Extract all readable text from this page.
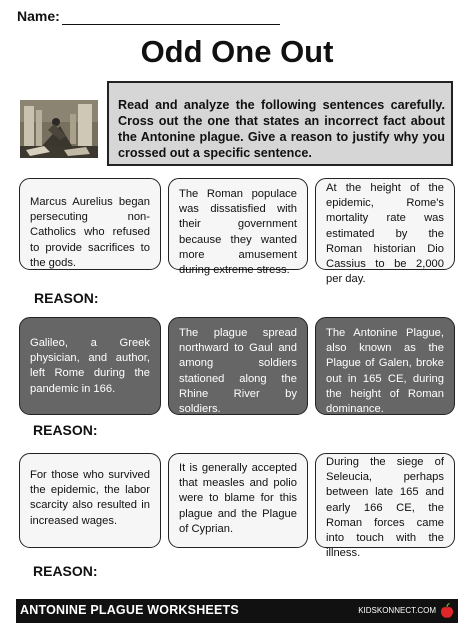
Name:
Odd One Out
Read and analyze the following sentences carefully. Cross out the one that states an incorrect fact about the Antonine plague. Give a reason to justify why you crossed out a specific sentence.
Marcus Aurelius began persecuting non-Catholics who refused to provide sacrifices to the gods.
The Roman populace was dissatisfied with their government because they wanted more amusement during extreme stress.
At the height of the epidemic, Rome's mortality rate was estimated by the Roman historian Dio Cassius to be 2,000 per day.
REASON:
Galileo, a Greek physician, and author, left Rome during the pandemic in 166.
The plague spread northward to Gaul and among soldiers stationed along the Rhine River by soldiers.
The Antonine Plague, also known as the Plague of Galen, broke out in 165 CE, during the height of Roman dominance.
REASON:
For those who survived the epidemic, the labor scarcity also resulted in increased wages.
It is generally accepted that measles and polio were to blame for this plague and the Plague of Cyprian.
During the siege of Seleucia, perhaps between late 165 and early 166 CE, the Roman forces came into touch with the illness.
REASON:
ANTONINE PLAGUE WORKSHEETS	KIDSKONNECT.COM
